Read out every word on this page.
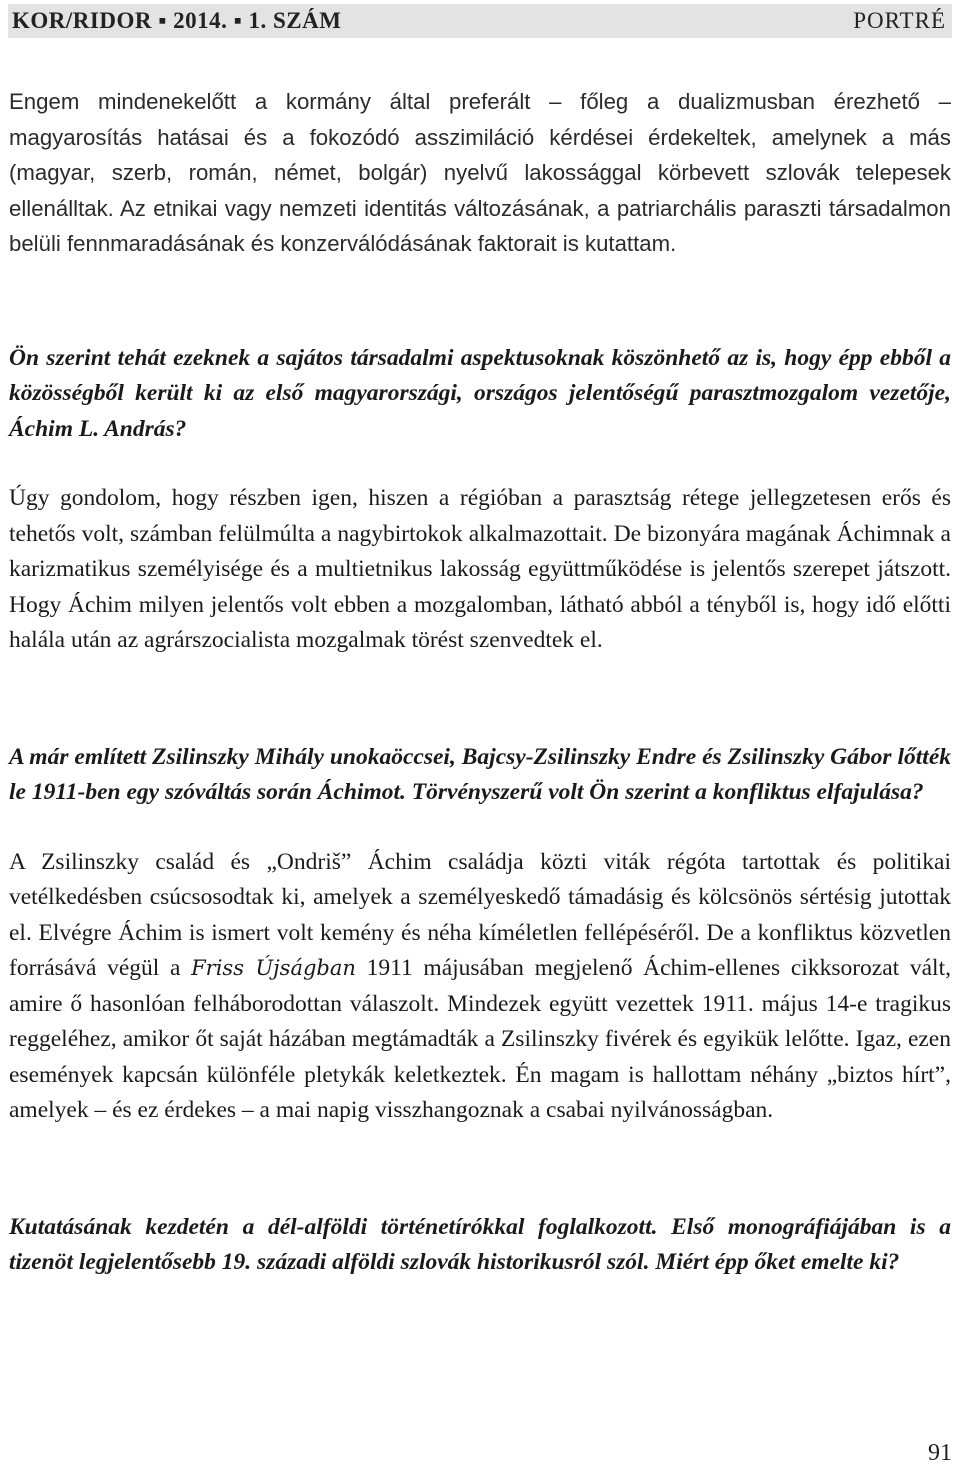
KOR/RIDOR ▪ 2014. ▪ 1. SZÁM	PORTRÉ

Engem mindenekelőtt a kormány által preferált – főleg a dualizmusban érezhető – magyarosítás hatásai és a fokozódó asszimiláció kérdései érdekeltek, amelynek a más (magyar, szerb, román, német, bolgár) nyelvű lakossággal körbevett szlovák telepesek ellenálltak. Az etnikai vagy nemzeti identitás változásának, a patriarchális paraszti társadalmon belüli fennmaradásának és konzerválódásának faktorait is kutattam.

Ön szerint tehát ezeknek a sajátos társadalmi aspektusoknak köszönhető az is, hogy épp ebből a közösségből került ki az első magyarországi, országos jelentőségű parasztmozgalom vezetője, Áchim L. András?

Úgy gondolom, hogy részben igen, hiszen a régióban a parasztság rétege jellegzetesen erős és tehetős volt, számban felülmúlta a nagybirtokok alkalmazottait. De bizonyára magának Áchimnak a karizmatikus személyisége és a multietnikus lakosság együttműködése is jelentős szerepet játszott. Hogy Áchim milyen jelentős volt ebben a mozgalomban, látható abból a tényből is, hogy idő előtti halála után az agrárszocialista mozgalmak törést szenvedtek el.

A már említett Zsilinszky Mihály unokaöccsei, Bajcsy-Zsilinszky Endre és Zsilinszky Gábor lőtték le 1911-ben egy szóváltás során Áchimot. Törvényszerű volt Ön szerint a konfliktus elfajulása?

A Zsilinszky család és „Ondriš” Áchim családja közti viták régóta tartottak és politikai vetélkedésben csúcsosodtak ki, amelyek a személyeskedő támadásig és kölcsönös sértésig jutottak el. Elvégre Áchim is ismert volt kemény és néha kíméletlen fellépéséről. De a konfliktus közvetlen forrásává végül a Friss Újságban 1911 májusában megjelenő Áchim-ellenes cikksorozat vált, amire ő hasonlóan felháborodottan válaszolt. Mindezek együtt vezettek 1911. május 14-e tragikus reggeléhez, amikor őt saját házában megtámadták a Zsilinszky fivérek és egyikük lelőtte. Igaz, ezen események kapcsán különféle pletykák keletkeztek. Én magam is hallottam néhány „biztos hírt”, amelyek – és ez érdekes – a mai napig visszhangoznak a csabai nyilvánosságban.

Kutatásának kezdetén a dél-alföldi történetírókkal foglalkozott. Első monográfiájában is a tizenöt legjelentősebb 19. századi alföldi szlovák historikusról szól. Miért épp őket emelte ki?

91
